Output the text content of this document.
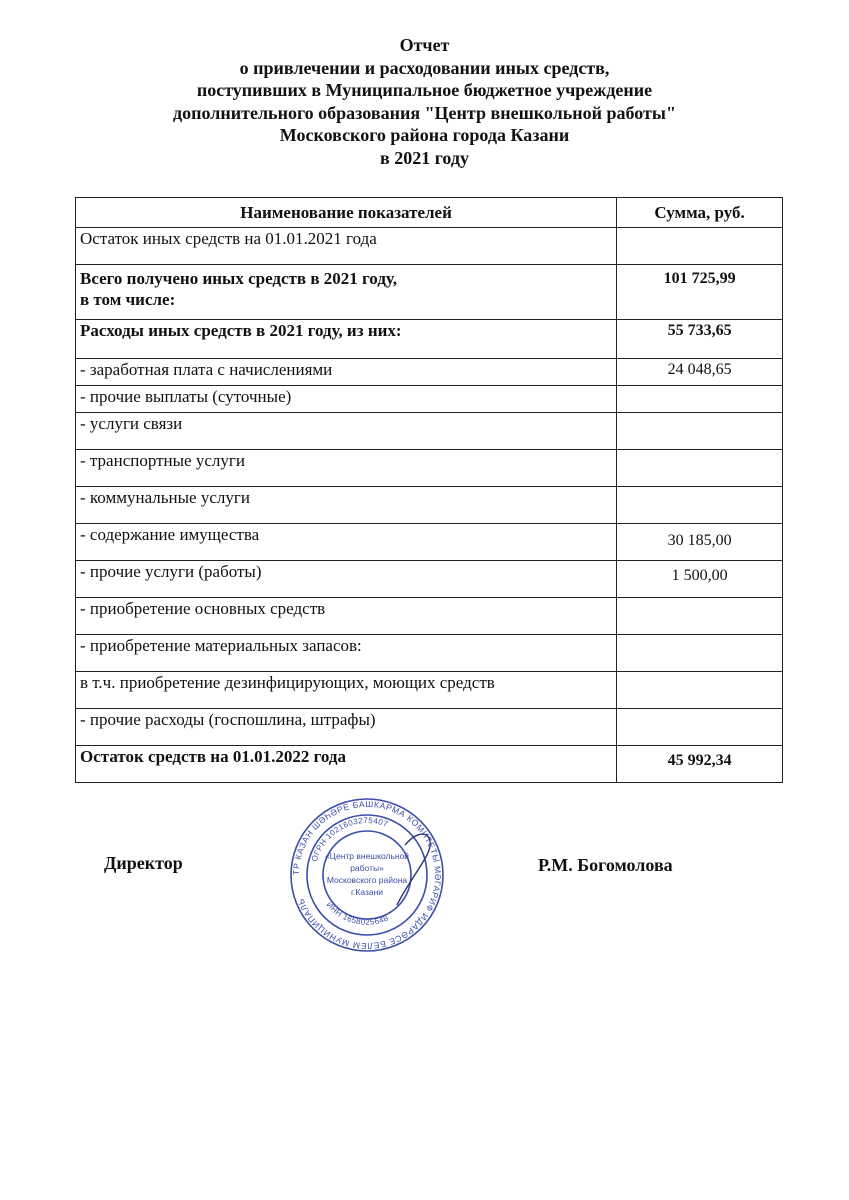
Отчет
о привлечении и расходовании иных средств,
поступивших в Муниципальное бюджетное учреждение
дополнительного образования "Центр внешкольной работы"
Московского района города Казани
в 2021 году
Наименование показателей	Сумма, руб.
Остаток иных средств на 01.01.2021 года	

Всего получено иных средств в 2021 году,
в том числе:	101 725,99
Расходы иных средств в 2021 году, из них:	55 733,65
- заработная плата с начислениями	24 048,65
- прочие выплаты (суточные)	
- услуги связи	
- транспортные услуги	
- коммунальные услуги	
- содержание имущества	30 185,00
- прочие услуги (работы)	1 500,00
- приобретение основных средств	
- приобретение материальных запасов:	
в т.ч. приобретение дезинфицирующих, моющих средств	
- прочие расходы (госпошлина, штрафы)	
Остаток средств на 01.01.2022 года	45 992,34
Директор	Р.М. Богомолова
ТР КАЗАН ШӘҺӘРЕ БАШКАРМА КОМИТЕТЫ МӘГАРИФ ИДАРӘСЕ БЕЛЕМ МУНИЦИПАЛЬ
ОГРН 1021603275407
ИНН 1658025648
«Центр внешкольной
работы»
Московского района
г.Казани
